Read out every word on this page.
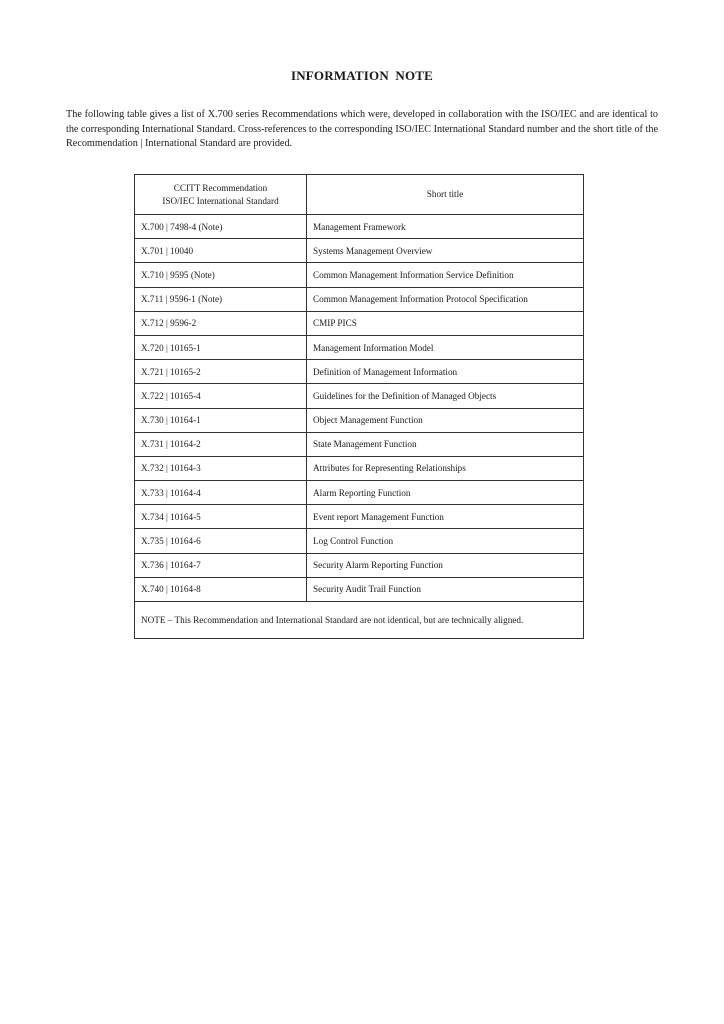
INFORMATION NOTE

The following table gives a list of X.700 series Recommendations which were, developed in collaboration with the ISO/IEC and are identical to the corresponding International Standard. Cross-references to the corresponding ISO/IEC International Standard number and the short title of the Recommendation | International Standard are provided.

CCITT Recommendation
ISO/IEC International Standard	Short title
X.700 | 7498-4 (Note)	Management Framework
X.701 | 10040	Systems Management Overview
X.710 | 9595 (Note)	Common Management Information Service Definition
X.711 | 9596-1 (Note)	Common Management Information Protocol Specification
X.712 | 9596-2	CMIP PICS
X.720 | 10165-1	Management Information Model
X.721 | 10165-2	Definition of Management Information
X.722 | 10165-4	Guidelines for the Definition of Managed Objects
X.730 | 10164-1	Object Management Function
X.731 | 10164-2	State Management Function
X.732 | 10164-3	Attributes for Representing Relationships
X.733 | 10164-4	Alarm Reporting Function
X.734 | 10164-5	Event report Management Function
X.735 | 10164-6	Log Control Function
X.736 | 10164-7	Security Alarm Reporting Function
X.740 | 10164-8	Security Audit Trail Function
NOTE – This Recommendation and International Standard are not identical, but are technically aligned.	
